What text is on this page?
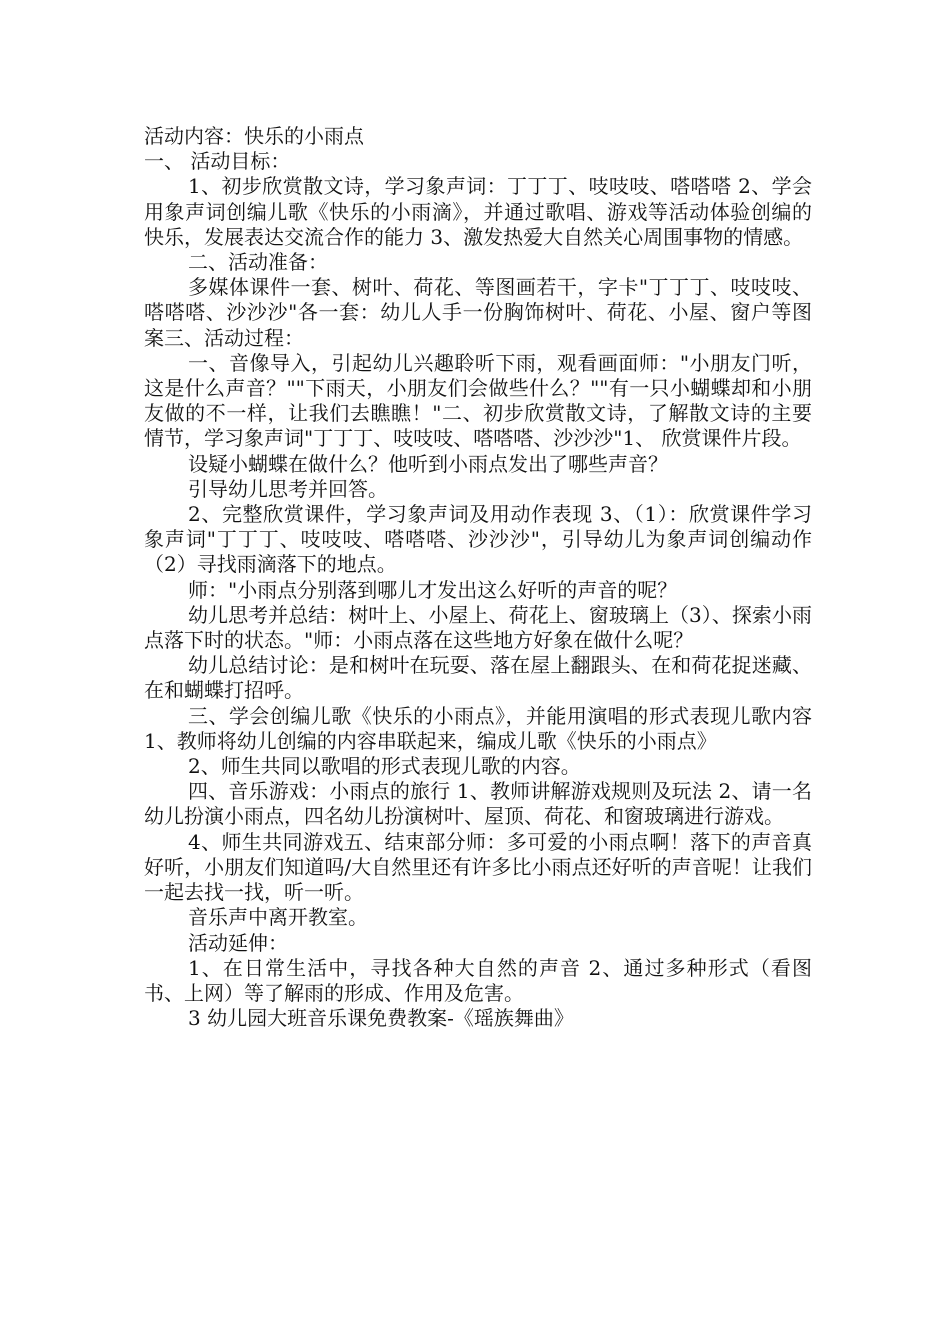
活动内容：快乐的小雨点

一、 活动目标：

1、初步欣赏散文诗，学习象声词：丁丁丁、吱吱吱、嗒嗒嗒 2、学会用象声词创编儿歌《快乐的小雨滴》，并通过歌唱、游戏等活动体验创编的快乐，发展表达交流合作的能力 3、激发热爱大自然关心周围事物的情感。

二、活动准备：

多媒体课件一套、树叶、荷花、等图画若干，字卡"丁丁丁、吱吱吱、嗒嗒嗒、沙沙沙"各一套：幼儿人手一份胸饰树叶、荷花、小屋、窗户等图案三、活动过程：

一、音像导入，引起幼儿兴趣聆听下雨，观看画面师："小朋友门听，这是什么声音？""下雨天，小朋友们会做些什么？""有一只小蝴蝶却和小朋友做的不一样，让我们去瞧瞧！"二、初步欣赏散文诗，了解散文诗的主要情节，学习象声词"丁丁丁、吱吱吱、嗒嗒嗒、沙沙沙"1、 欣赏课件片段。

设疑小蝴蝶在做什么？他听到小雨点发出了哪些声音？

引导幼儿思考并回答。

2、完整欣赏课件，学习象声词及用动作表现 3、（1）：欣赏课件学习象声词"丁丁丁、吱吱吱、嗒嗒嗒、沙沙沙"，引导幼儿为象声词创编动作（2）寻找雨滴落下的地点。

师："小雨点分别落到哪儿才发出这么好听的声音的呢？

幼儿思考并总结：树叶上、小屋上、荷花上、窗玻璃上（3）、探索小雨点落下时的状态。"师：小雨点落在这些地方好象在做什么呢？

幼儿总结讨论：是和树叶在玩耍、落在屋上翻跟头、在和荷花捉迷藏、在和蝴蝶打招呼。

三、学会创编儿歌《快乐的小雨点》，并能用演唱的形式表现儿歌内容 1、教师将幼儿创编的内容串联起来，编成儿歌《快乐的小雨点》

2、师生共同以歌唱的形式表现儿歌的内容。

四、音乐游戏：小雨点的旅行 1、教师讲解游戏规则及玩法 2、请一名幼儿扮演小雨点，四名幼儿扮演树叶、屋顶、荷花、和窗玻璃进行游戏。

4、师生共同游戏五、结束部分师：多可爱的小雨点啊！落下的声音真好听，小朋友们知道吗/大自然里还有许多比小雨点还好听的声音呢！让我们一起去找一找，听一听。

音乐声中离开教室。

活动延伸：

1、在日常生活中，寻找各种大自然的声音 2、通过多种形式（看图书、上网）等了解雨的形成、作用及危害。

3 幼儿园大班音乐课免费教案-《瑶族舞曲》
